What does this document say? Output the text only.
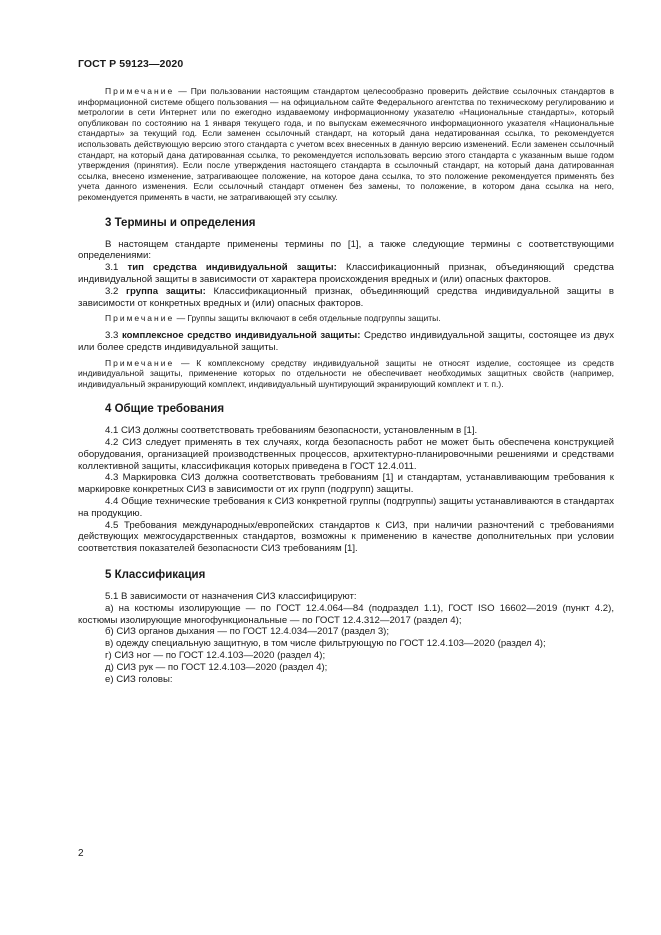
ГОСТ Р 59123—2020

Примечание — При пользовании настоящим стандартом целесообразно проверить действие ссылочных стандартов в информационной системе общего пользования — на официальном сайте Федерального агентства по техническому регулированию и метрологии в сети Интернет или по ежегодно издаваемому информационному указателю «Национальные стандарты», который опубликован по состоянию на 1 января текущего года, и по выпускам ежемесячного информационного указателя «Национальные стандарты» за текущий год. Если заменен ссылочный стандарт, на который дана недатированная ссылка, то рекомендуется использовать действующую версию этого стандарта с учетом всех внесенных в данную версию изменений. Если заменен ссылочный стандарт, на который дана датированная ссылка, то рекомендуется использовать версию этого стандарта с указанным выше годом утверждения (принятия). Если после утверждения настоящего стандарта в ссылочный стандарт, на который дана датированная ссылка, внесено изменение, затрагивающее положение, на которое дана ссылка, то это положение рекомендуется применять без учета данного изменения. Если ссылочный стандарт отменен без замены, то положение, в котором дана ссылка на него, рекомендуется применять в части, не затрагивающей эту ссылку.

3 Термины и определения

В настоящем стандарте применены термины по [1], а также следующие термины с соответствующими определениями:

3.1 тип средства индивидуальной защиты: Классификационный признак, объединяющий средства индивидуальной защиты в зависимости от характера происхождения вредных и (или) опасных факторов.

3.2 группа защиты: Классификационный признак, объединяющий средства индивидуальной защиты в зависимости от конкретных вредных и (или) опасных факторов.

Примечание — Группы защиты включают в себя отдельные подгруппы защиты.

3.3 комплексное средство индивидуальной защиты: Средство индивидуальной защиты, состоящее из двух или более средств индивидуальной защиты.

Примечание — К комплексному средству индивидуальной защиты не относят изделие, состоящее из средств индивидуальной защиты, применение которых по отдельности не обеспечивает необходимых защитных свойств (например, индивидуальный экранирующий комплект, индивидуальный шунтирующий экранирующий комплект и т. п.).

4 Общие требования

4.1 СИЗ должны соответствовать требованиям безопасности, установленным в [1].

4.2 СИЗ следует применять в тех случаях, когда безопасность работ не может быть обеспечена конструкцией оборудования, организацией производственных процессов, архитектурно-планировочными решениями и средствами коллективной защиты, классификация которых приведена в ГОСТ 12.4.011.

4.3 Маркировка СИЗ должна соответствовать требованиям [1] и стандартам, устанавливающим требования к маркировке конкретных СИЗ в зависимости от их групп (подгрупп) защиты.

4.4 Общие технические требования к СИЗ конкретной группы (подгруппы) защиты устанавливаются в стандартах на продукцию.

4.5 Требования международных/европейских стандартов к СИЗ, при наличии разночтений с требованиями действующих межгосударственных стандартов, возможны к применению в качестве дополнительных при условии соответствия показателей безопасности СИЗ требованиям [1].

5 Классификация

5.1 В зависимости от назначения СИЗ классифицируют:

а) на костюмы изолирующие — по ГОСТ 12.4.064—84 (подраздел 1.1), ГОСТ ISO 16602—2019 (пункт 4.2), костюмы изолирующие многофункциональные — по ГОСТ 12.4.312—2017 (раздел 4);

б) СИЗ органов дыхания — по ГОСТ 12.4.034—2017 (раздел 3);

в) одежду специальную защитную, в том числе фильтрующую по ГОСТ 12.4.103—2020 (раздел 4);

г) СИЗ ног — по ГОСТ 12.4.103—2020 (раздел 4);

д) СИЗ рук — по ГОСТ 12.4.103—2020 (раздел 4);

е) СИЗ головы:

2
